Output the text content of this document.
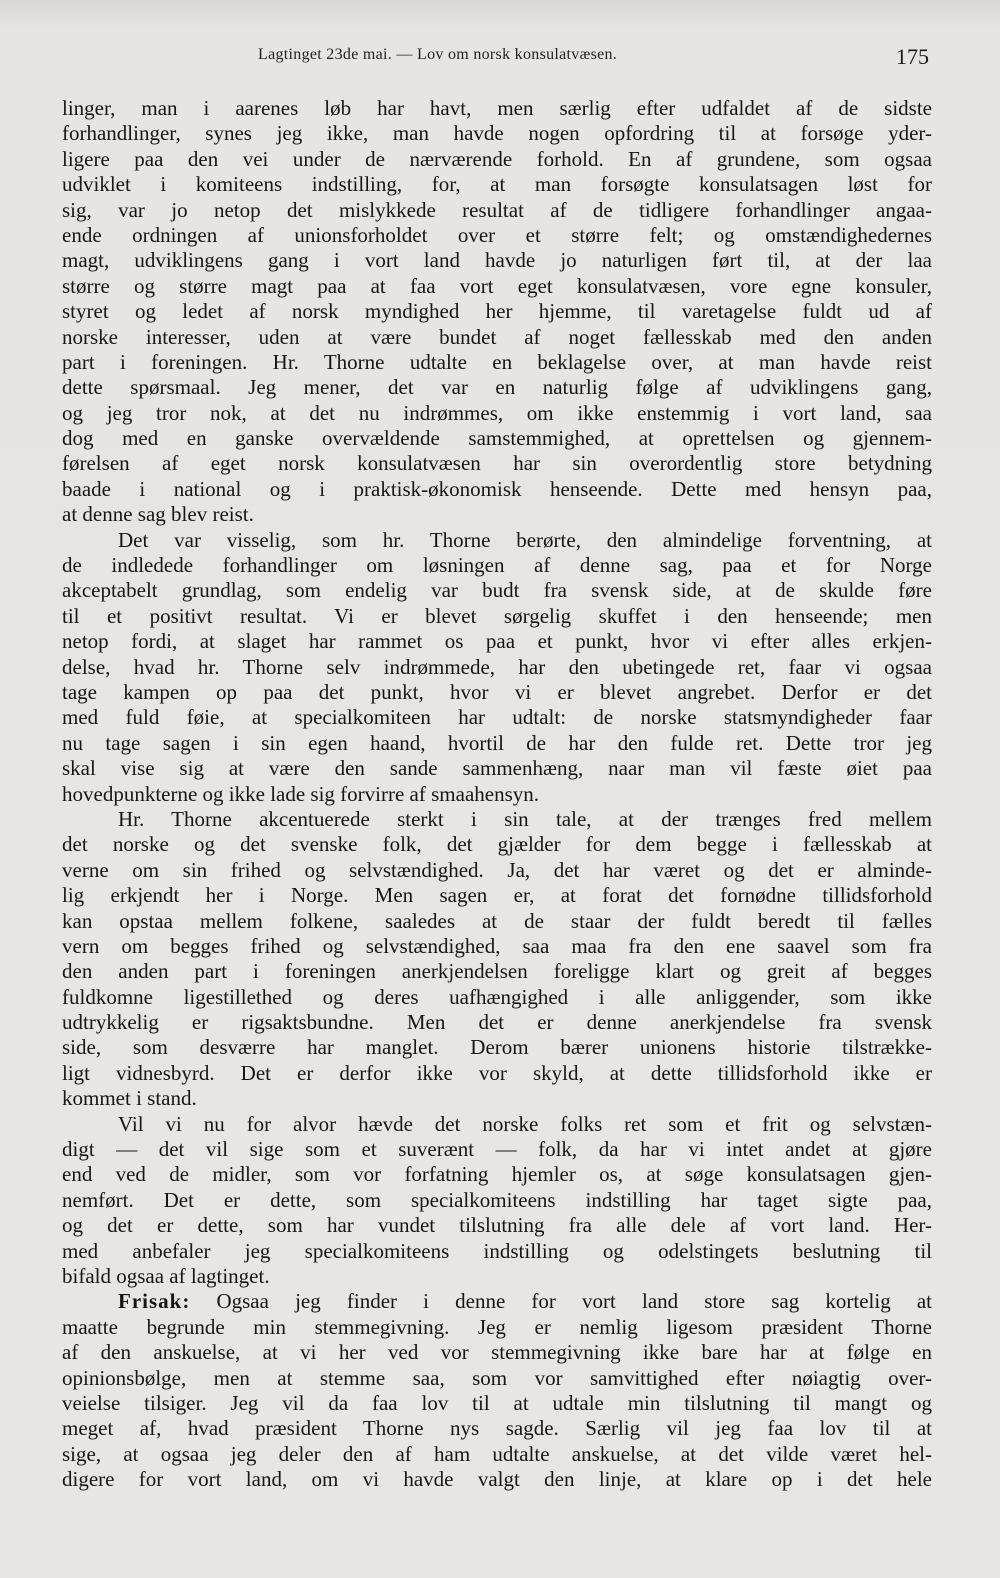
Lagtinget 23de mai. — Lov om norsk konsulatvæsen.	175
linger, man i aarenes løb har havt, men særlig efter udfaldet af de sidste
forhandlinger, synes jeg ikke, man havde nogen opfordring til at forsøge yder-
ligere paa den vei under de nærværende forhold. En af grundene, som ogsaa
udviklet i komiteens indstilling, for, at man forsøgte konsulatsagen løst for
sig, var jo netop det mislykkede resultat af de tidligere forhandlinger angaa-
ende ordningen af unionsforholdet over et større felt; og omstændighedernes
magt, udviklingens gang i vort land havde jo naturligen ført til, at der laa
større og større magt paa at faa vort eget konsulatvæsen, vore egne konsuler,
styret og ledet af norsk myndighed her hjemme, til varetagelse fuldt ud af
norske interesser, uden at være bundet af noget fællesskab med den anden
part i foreningen. Hr. Thorne udtalte en beklagelse over, at man havde reist
dette spørsmaal. Jeg mener, det var en naturlig følge af udviklingens gang,
og jeg tror nok, at det nu indrømmes, om ikke enstemmig i vort land, saa
dog med en ganske overvældende samstemmighed, at oprettelsen og gjennem-
førelsen af eget norsk konsulatvæsen har sin overordentlig store betydning
baade i national og i praktisk-økonomisk henseende. Dette med hensyn paa,
at denne sag blev reist.
Det var visselig, som hr. Thorne berørte, den almindelige forventning, at
de indledede forhandlinger om løsningen af denne sag, paa et for Norge
akceptabelt grundlag, som endelig var budt fra svensk side, at de skulde føre
til et positivt resultat. Vi er blevet sørgelig skuffet i den henseende; men
netop fordi, at slaget har rammet os paa et punkt, hvor vi efter alles erkjen-
delse, hvad hr. Thorne selv indrømmede, har den ubetingede ret, faar vi ogsaa
tage kampen op paa det punkt, hvor vi er blevet angrebet. Derfor er det
med fuld føie, at specialkomiteen har udtalt: de norske statsmyndigheder faar
nu tage sagen i sin egen haand, hvortil de har den fulde ret. Dette tror jeg
skal vise sig at være den sande sammenhæng, naar man vil fæste øiet paa
hovedpunkterne og ikke lade sig forvirre af smaahensyn.
Hr. Thorne akcentuerede sterkt i sin tale, at der trænges fred mellem
det norske og det svenske folk, det gjælder for dem begge i fællesskab at
verne om sin frihed og selvstændighed. Ja, det har været og det er alminde-
lig erkjendt her i Norge. Men sagen er, at forat det fornødne tillidsforhold
kan opstaa mellem folkene, saaledes at de staar der fuldt beredt til fælles
vern om begges frihed og selvstændighed, saa maa fra den ene saavel som fra
den anden part i foreningen anerkjendelsen foreligge klart og greit af begges
fuldkomne ligestillethed og deres uafhængighed i alle anliggender, som ikke
udtrykkelig er rigsaktsbundne. Men det er denne anerkjendelse fra svensk
side, som desværre har manglet. Derom bærer unionens historie tilstrække-
ligt vidnesbyrd. Det er derfor ikke vor skyld, at dette tillidsforhold ikke er
kommet i stand.
Vil vi nu for alvor hævde det norske folks ret som et frit og selvstæn-
digt — det vil sige som et suverænt — folk, da har vi intet andet at gjøre
end ved de midler, som vor forfatning hjemler os, at søge konsulatsagen gjen-
nemført. Det er dette, som specialkomiteens indstilling har taget sigte paa,
og det er dette, som har vundet tilslutning fra alle dele af vort land. Her-
med anbefaler jeg specialkomiteens indstilling og odelstingets beslutning til
bifald ogsaa af lagtinget.
Frisak: Ogsaa jeg finder i denne for vort land store sag kortelig at
maatte begrunde min stemmegivning. Jeg er nemlig ligesom præsident Thorne
af den anskuelse, at vi her ved vor stemmegivning ikke bare har at følge en
opinionsbølge, men at stemme saa, som vor samvittighed efter nøiagtig over-
veielse tilsiger. Jeg vil da faa lov til at udtale min tilslutning til mangt og
meget af, hvad præsident Thorne nys sagde. Særlig vil jeg faa lov til at
sige, at ogsaa jeg deler den af ham udtalte anskuelse, at det vilde været hel-
digere for vort land, om vi havde valgt den linje, at klare op i det hele
